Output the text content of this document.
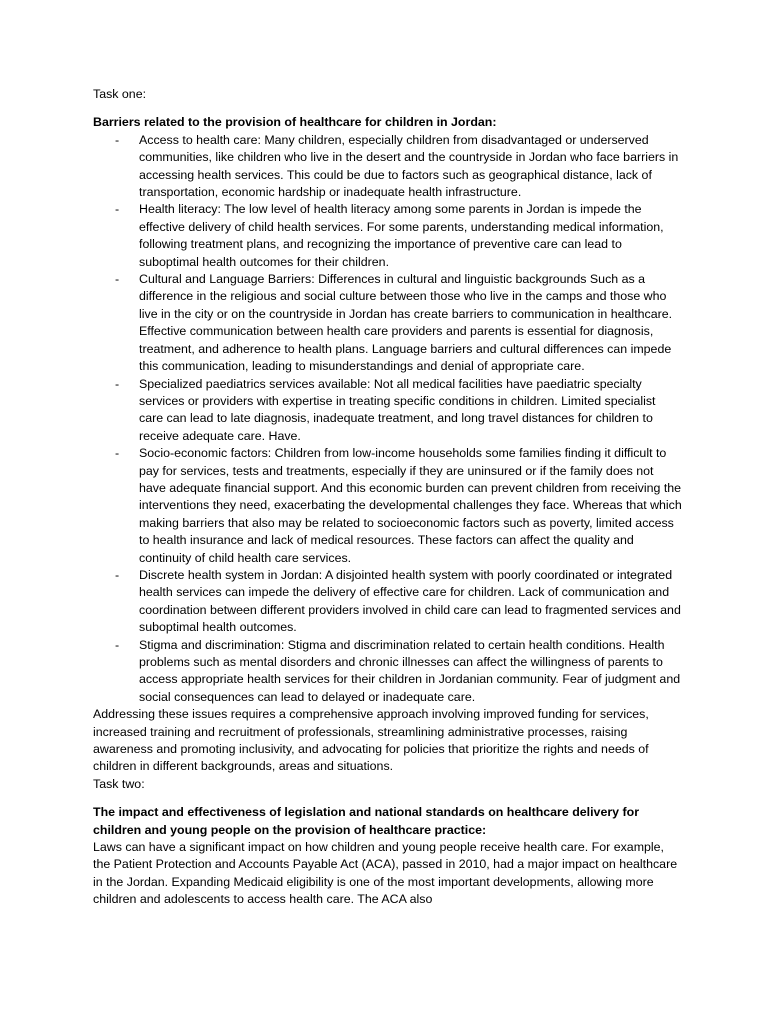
Task one:

Barriers related to the provision of healthcare for children in Jordan:

- Access to health care: Many children, especially children from disadvantaged or underserved communities, like children who live in the desert and the countryside in Jordan who face barriers in accessing health services. This could be due to factors such as geographical distance, lack of transportation, economic hardship or inadequate health infrastructure.
- Health literacy: The low level of health literacy among some parents in Jordan is impede the effective delivery of child health services. For some parents, understanding medical information, following treatment plans, and recognizing the importance of preventive care can lead to suboptimal health outcomes for their children.
- Cultural and Language Barriers: Differences in cultural and linguistic backgrounds Such as a difference in the religious and social culture between those who live in the camps and those who live in the city or on the countryside in Jordan has create barriers to communication in healthcare. Effective communication between health care providers and parents is essential for diagnosis, treatment, and adherence to health plans. Language barriers and cultural differences can impede this communication, leading to misunderstandings and denial of appropriate care.
- Specialized paediatrics services available: Not all medical facilities have paediatric specialty services or providers with expertise in treating specific conditions in children. Limited specialist care can lead to late diagnosis, inadequate treatment, and long travel distances for children to receive adequate care. Have.
- Socio-economic factors: Children from low-income households some families finding it difficult to pay for services, tests and treatments, especially if they are uninsured or if the family does not have adequate financial support. And this economic burden can prevent children from receiving the interventions they need, exacerbating the developmental challenges they face. Whereas that which making barriers that also may be related to socioeconomic factors such as poverty, limited access to health insurance and lack of medical resources. These factors can affect the quality and continuity of child health care services.
- Discrete health system in Jordan: A disjointed health system with poorly coordinated or integrated health services can impede the delivery of effective care for children. Lack of communication and coordination between different providers involved in child care can lead to fragmented services and suboptimal health outcomes.
- Stigma and discrimination: Stigma and discrimination related to certain health conditions. Health problems such as mental disorders and chronic illnesses can affect the willingness of parents to access appropriate health services for their children in Jordanian community. Fear of judgment and social consequences can lead to delayed or inadequate care.

Addressing these issues requires a comprehensive approach involving improved funding for services, increased training and recruitment of professionals, streamlining administrative processes, raising awareness and promoting inclusivity, and advocating for policies that prioritize the rights and needs of children in different backgrounds, areas and situations.

Task two:

The impact and effectiveness of legislation and national standards on healthcare delivery for children and young people on the provision of healthcare practice:

Laws can have a significant impact on how children and young people receive health care. For example, the Patient Protection and Accounts Payable Act (ACA), passed in 2010, had a major impact on healthcare in the Jordan. Expanding Medicaid eligibility is one of the most important developments, allowing more children and adolescents to access health care. The ACA also
